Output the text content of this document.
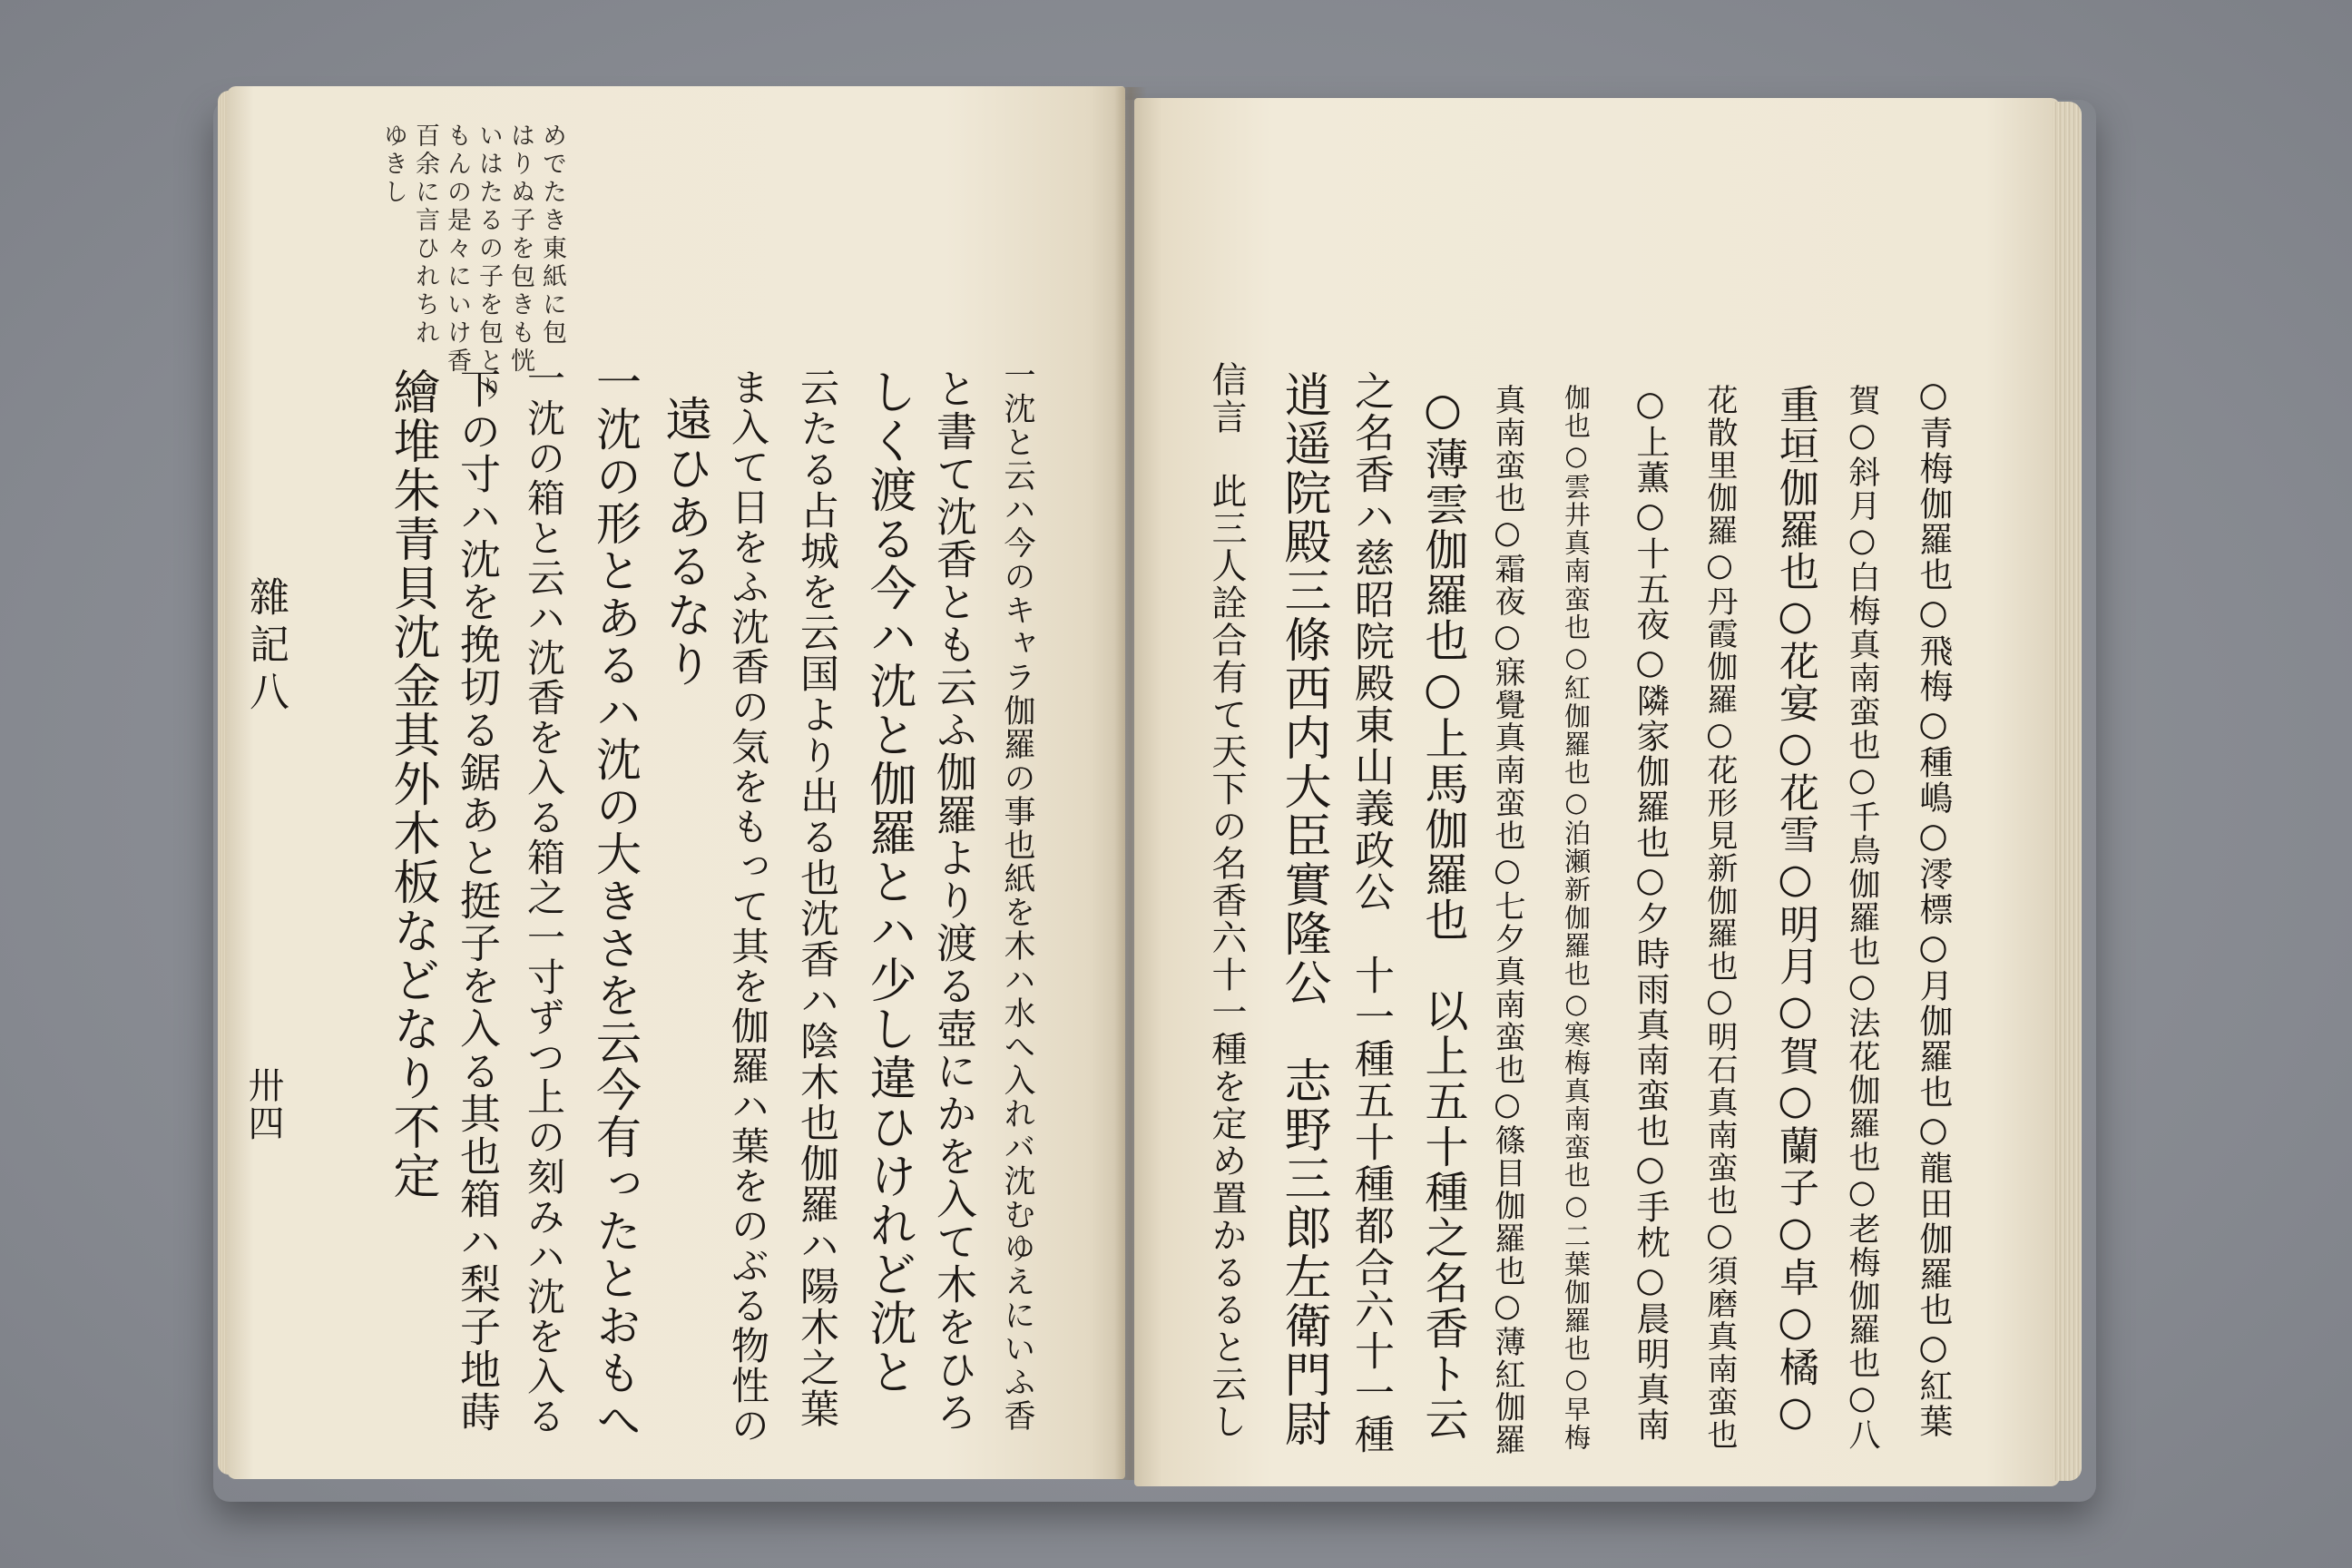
めでたき東紙に包
はりぬ子を包きも恍
いはたるの子を包とり
もんの是々にいけ香
百余に言ひれちれ
ゆきし
一沈と云ハ今のキャラ伽羅の事也紙を木ハ水へ入れバ沈むゆえにいふ香
と書て沈香とも云ふ伽羅より渡る壺にかを入て木をひろ
しく渡る今ハ沈と伽羅とハ少し違ひけれど沈と
云たる占城を云国より出る也沈香ハ陰木也伽羅ハ陽木之葉
ま入て日をふ沈香の気をもって其を伽羅ハ葉をのぶる物性の
遠ひあるなり
一沈の形とあるハ沈の大きさを云今有ったとおもへ
一沈の箱と云ハ沈香を入る箱之一寸ずつ上の刻みハ沈を入る
下の寸ハ沈を挽切る鋸あと挺子を入る其也箱ハ梨子地蒔
繪堆朱青貝沈金其外木板などなり不定
雜記八
卅四	○青梅伽羅也○飛梅○種嶋○澪標○月伽羅也○龍田伽羅也○紅葉
賀○斜月○白梅真南蛮也○千鳥伽羅也○法花伽羅也○老梅伽羅也○八
重垣伽羅也○花宴○花雪○明月○賀○蘭子○卓○橘○
花散里伽羅○丹霞伽羅○花形見新伽羅也○明石真南蛮也○須磨真南蛮也
○上薫○十五夜○隣家伽羅也○夕時雨真南蛮也○手枕○晨明真南
伽也○雲井真南蛮也○紅伽羅也○泊瀬新伽羅也○寒梅真南蛮也○二葉伽羅也○早梅
真南蛮也○霜夜○寐覺真南蛮也○七夕真南蛮也○篠目伽羅也○薄紅伽羅
○薄雲伽羅也○上馬伽羅也　以上五十種之名香ト云
之名香ハ慈昭院殿東山義政公　十一種五十種都合六十一種
逍遥院殿三條西内大臣實隆公　志野三郎左衛門尉
信言　此三人詮合有て天下の名香六十一種を定め置かるると云し
